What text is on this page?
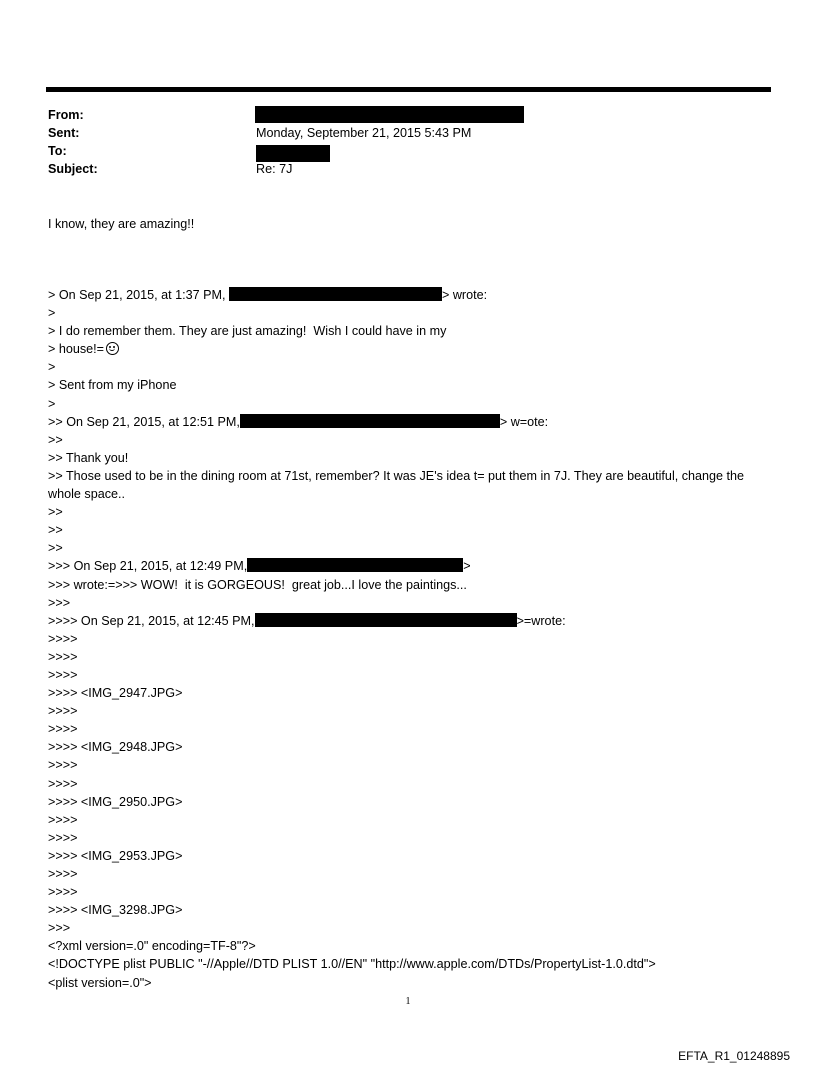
From:
Sent:	Monday, September 21, 2015 5:43 PM
To:
Subject:	Re: 7J
I know, they are amazing!!
> On Sep 21, 2015, at 1:37 PM,	> wrote:
>
> I do remember them. They are just amazing!  Wish I could have in my
> house!=
>
> Sent from my iPhone
>
>> On Sep 21, 2015, at 12:51 PM,	> w=ote:
>>
>> Thank you!
>> Those used to be in the dining room at 71st, remember? It was JE's idea t= put them in 7J. They are beautiful, change the whole space..
>>
>>
>>
>>> On Sep 21, 2015, at 12:49 PM,	>
>>> wrote:=>>> WOW!  it is GORGEOUS!  great job...I love the paintings...
>>>
>>>> On Sep 21, 2015, at 12:45 PM,	>=wrote:
>>>>
>>>>
>>>>
>>>> <IMG_2947.JPG>
>>>>
>>>>
>>>> <IMG_2948.JPG>
>>>>
>>>>
>>>> <IMG_2950.JPG>
>>>>
>>>>
>>>> <IMG_2953.JPG>
>>>>
>>>>
>>>> <IMG_3298.JPG>
>>>
<?xml version=.0" encoding=TF-8"?>
<!DOCTYPE plist PUBLIC "-//Apple//DTD PLIST 1.0//EN" "http://www.apple.com/DTDs/PropertyList-1.0.dtd">
<plist version=.0">
1
EFTA_R1_01248895
